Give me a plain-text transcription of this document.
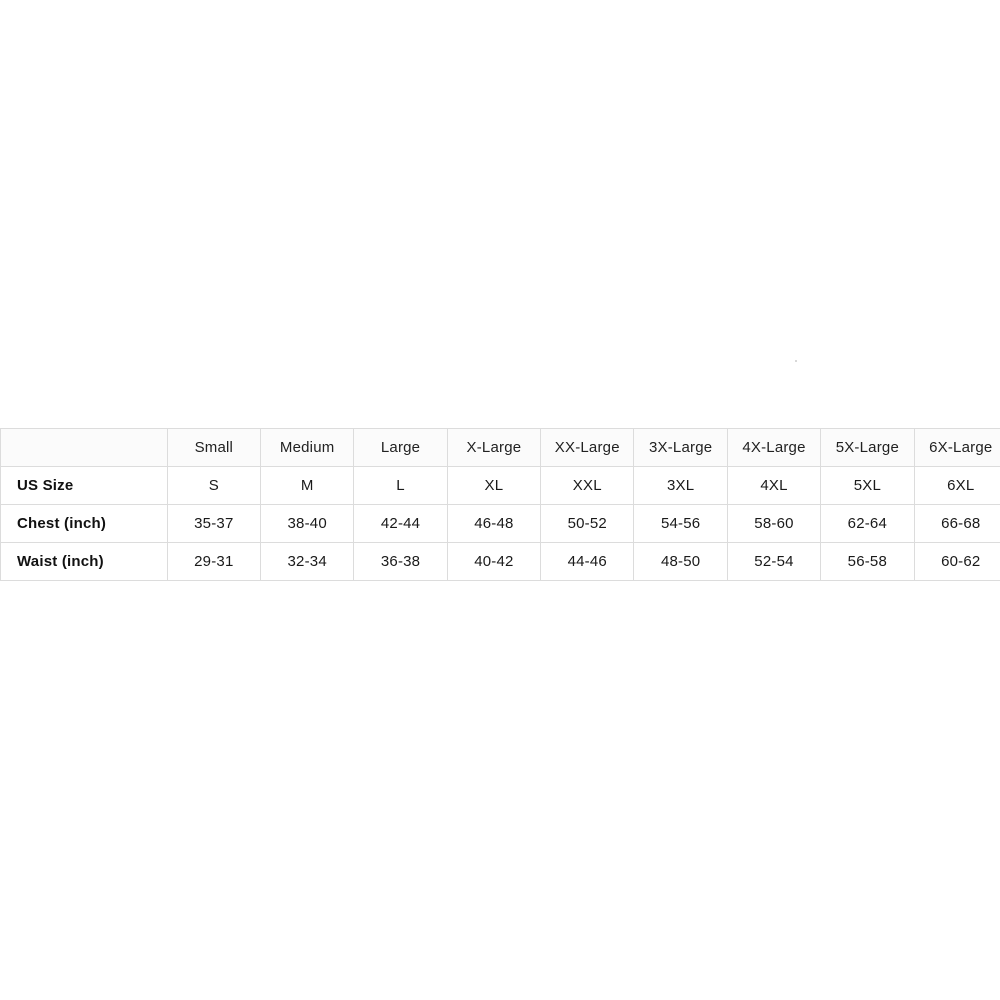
	Small	Medium	Large	X-Large	XX-Large	3X-Large	4X-Large	5X-Large	6X-Large
US Size	S	M	L	XL	XXL	3XL	4XL	5XL	6XL
Chest (inch)	35-37	38-40	42-44	46-48	50-52	54-56	58-60	62-64	66-68
Waist (inch)	29-31	32-34	36-38	40-42	44-46	48-50	52-54	56-58	60-62
